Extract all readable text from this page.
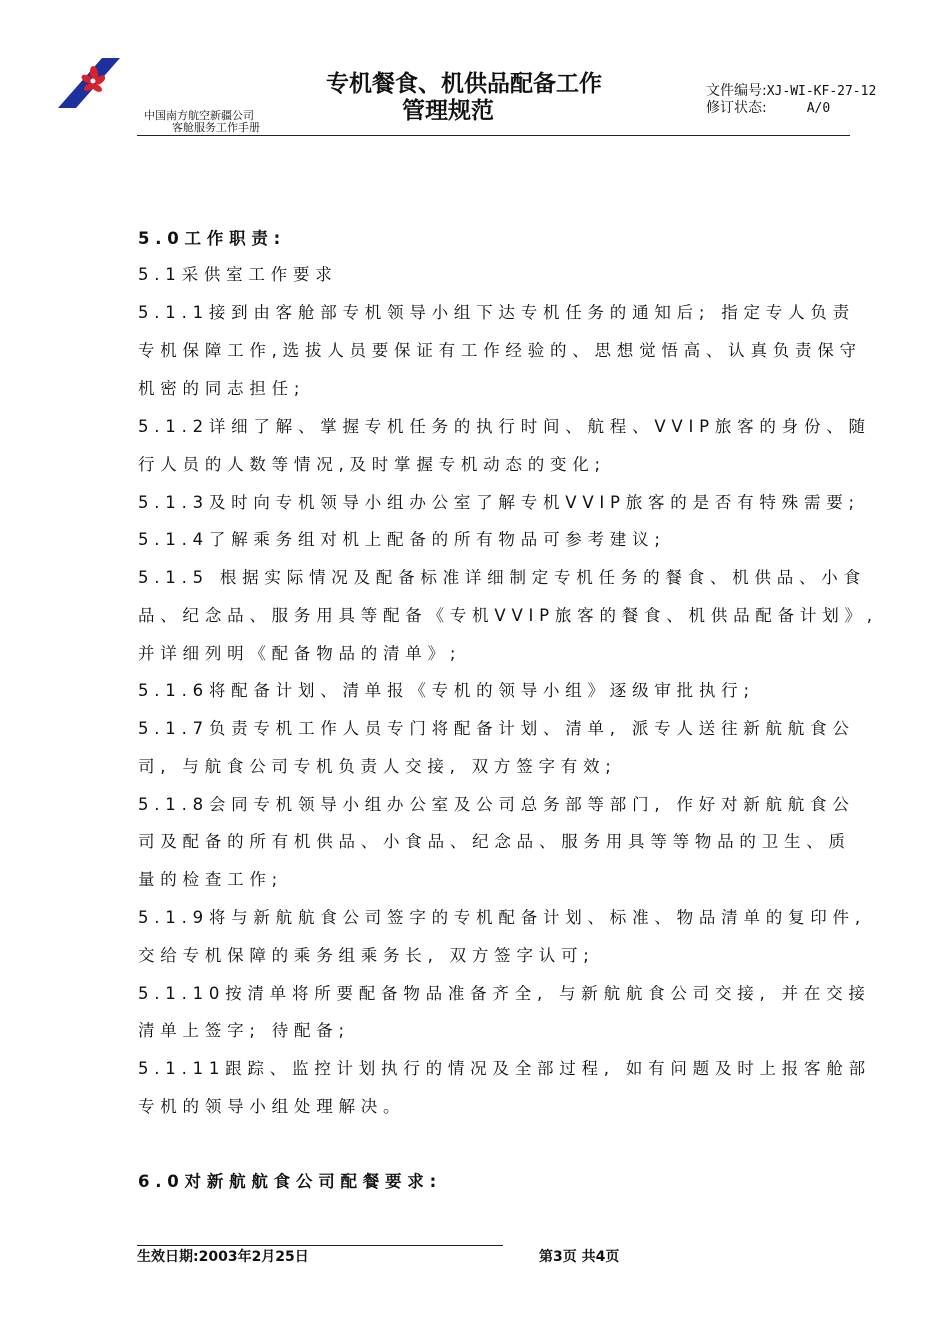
中国南方航空新疆公司
客舱服务工作手册
专机餐食、机供品配备工作
管理规范
文件编号:XJ-WI-KF-27-12
修订状态:	A/0
5.0工作职责:
5.1采供室工作要求
5.1.1接到由客舱部专机领导小组下达专机任务的通知后; 指定专人负责
专机保障工作,选拔人员要保证有工作经验的、思想觉悟高、认真负责保守
机密的同志担任;
5.1.2详细了解、掌握专机任务的执行时间、航程、VVIP旅客的身份、随
行人员的人数等情况,及时掌握专机动态的变化;
5.1.3及时向专机领导小组办公室了解专机VVIP旅客的是否有特殊需要;
5.1.4了解乘务组对机上配备的所有物品可参考建议;
5.1.5 根据实际情况及配备标准详细制定专机任务的餐食、机供品、小食
品、纪念品、服务用具等配备《专机VVIP旅客的餐食、机供品配备计划》,
并详细列明《配备物品的清单》;
5.1.6将配备计划、清单报《专机的领导小组》逐级审批执行;
5.1.7负责专机工作人员专门将配备计划、清单, 派专人送往新航航食公
司, 与航食公司专机负责人交接, 双方签字有效;
5.1.8会同专机领导小组办公室及公司总务部等部门, 作好对新航航食公
司及配备的所有机供品、小食品、纪念品、服务用具等等物品的卫生、质
量的检查工作;
5.1.9将与新航航食公司签字的专机配备计划、标准、物品清单的复印件,
交给专机保障的乘务组乘务长, 双方签字认可;
5.1.10按清单将所要配备物品准备齐全, 与新航航食公司交接, 并在交接
清单上签字; 待配备;
5.1.11跟踪、监控计划执行的情况及全部过程, 如有问题及时上报客舱部
专机的领导小组处理解决。
6.0对新航航食公司配餐要求:
生效日期:2003年2月25日	第3页 共4页
